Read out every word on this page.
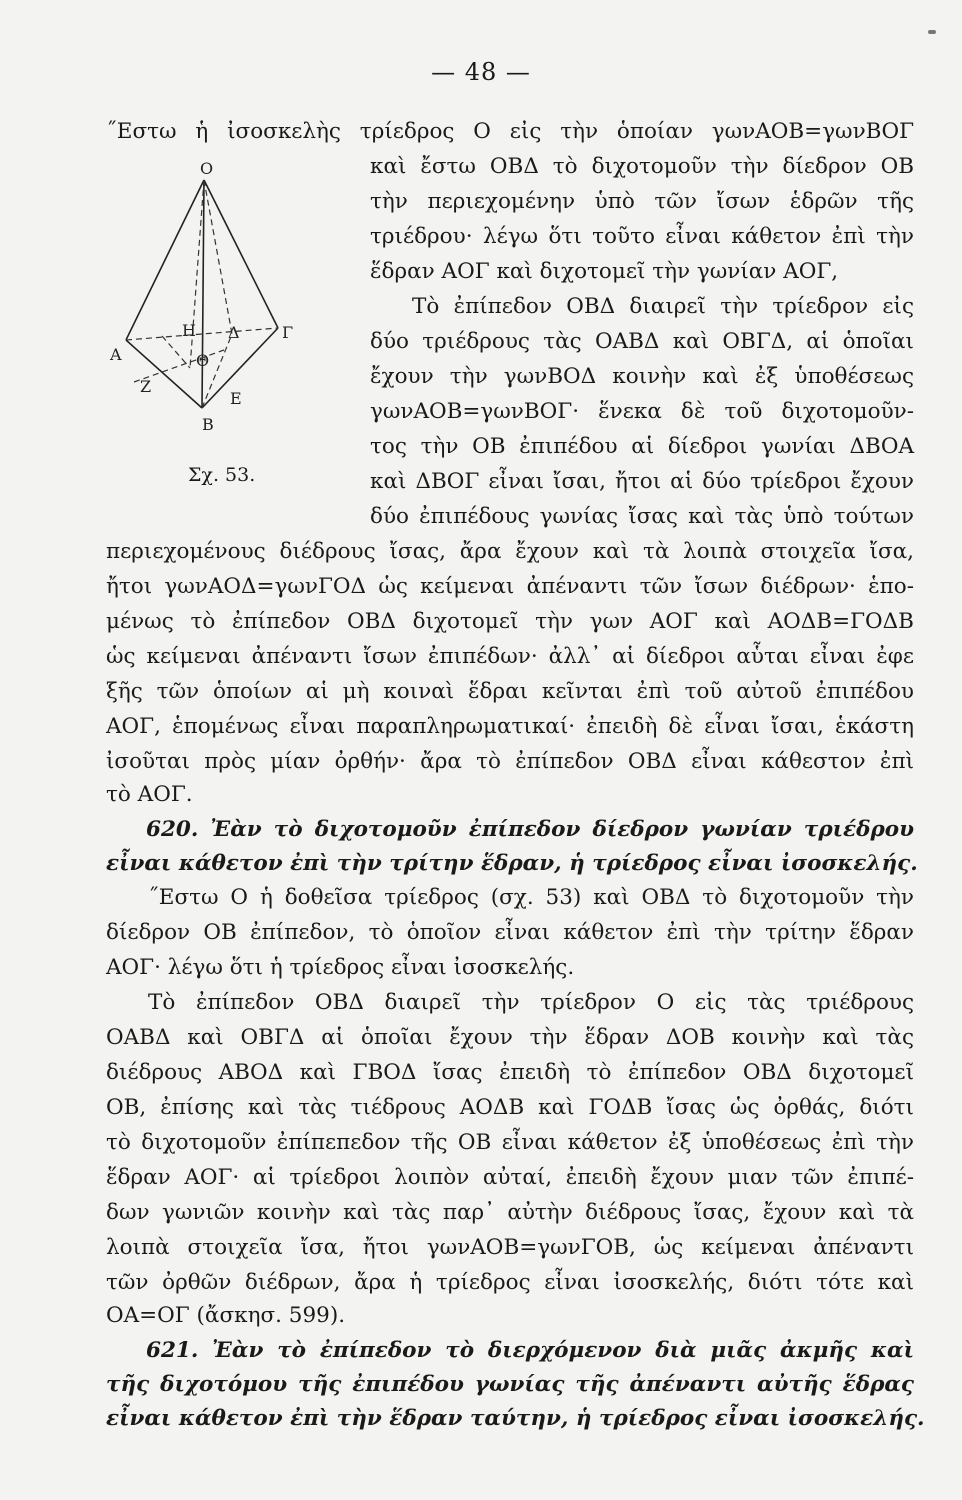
— 48 —
O
Α
Γ
Η Δ
Θ
Ζ
Ε
Β
Σχ. 53.
˝Εστω ἡ ἰσοσκελὴς τρίεδρος O εἰς τὴν ὁποίαν γωνΑΟΒ=γωνΒΟΓ
καὶ ἔστω ΟΒΔ τὸ διχοτομοῦν τὴν δίεδρον ΟΒ
τὴν περιεχομένην ὑπὸ τῶν ἴσων ἑδρῶν τῆς
τριέδρου· λέγω ὅτι τοῦτο εἶναι κάθετον ἐπὶ τὴν
ἕδραν ΑΟΓ καὶ διχοτομεῖ τὴν γωνίαν ΑΟΓ,
Τὸ ἐπίπεδον ΟΒΔ διαιρεῖ τὴν τρίεδρον εἰς
δύο τριέδρους τὰς ΟΑΒΔ καὶ ΟΒΓΔ, αἱ ὁποῖαι
ἔχουν τὴν γωνΒΟΔ κοινὴν καὶ ἐξ ὑποθέσεως
γωνΑΟΒ=γωνΒΟΓ· ἕνεκα δὲ τοῦ διχοτομοῦν-
τος τὴν ΟΒ ἐπιπέδου αἱ δίεδροι γωνίαι ΔΒΟΑ
καὶ ΔΒΟΓ εἶναι ἴσαι, ἤτοι αἱ δύο τρίεδροι ἔχουν
δύο ἐπιπέδους γωνίας ἴσας καὶ τὰς ὑπὸ τούτων
περιεχομένους διέδρους ἴσας, ἄρα ἔχουν καὶ τὰ λοιπὰ στοιχεῖα ἴσα,
ἤτοι γωνΑΟΔ=γωνΓΟΔ ὡς κείμεναι ἀπέναντι τῶν ἴσων διέδρων· ἑπο-
μένως τὸ ἐπίπεδον ΟΒΔ διχοτομεῖ τὴν γων ΑΟΓ καὶ ΑΟΔΒ=ΓΟΔΒ
ὡς κείμεναι ἀπέναντι ἴσων ἐπιπέδων· ἀλλ᾽ αἱ δίεδροι αὗται εἶναι ἐφε
ξῆς τῶν ὁποίων αἱ μὴ κοιναὶ ἕδραι κεῖνται ἐπὶ τοῦ αὐτοῦ ἐπιπέδου
ΑΟΓ, ἑπομένως εἶναι παραπληρωματικαί· ἐπειδὴ δὲ εἶναι ἴσαι, ἑκάστη
ἰσοῦται πρὸς μίαν ὀρθήν· ἄρα τὸ ἐπίπεδον ΟΒΔ εἶναι κάθεστον ἐπὶ
τὸ ΑΟΓ.
620. Ἐὰν τὸ διχοτομοῦν ἐπίπεδον δίεδρον γωνίαν τριέδρου
εἶναι κάθετον ἐπὶ τὴν τρίτην ἕδραν, ἡ τρίεδρος εἶναι ἰσοσκελής.
˝Εστω O ἡ δοθεῖσα τρίεδρος (σχ. 53) καὶ ΟΒΔ τὸ διχοτομοῦν τὴν
δίεδρον ΟΒ ἐπίπεδον, τὸ ὁποῖον εἶναι κάθετον ἐπὶ τὴν τρίτην ἕδραν
ΑΟΓ· λέγω ὅτι ἡ τρίεδρος εἶναι ἰσοσκελής.
Τὸ ἐπίπεδον ΟΒΔ διαιρεῖ τὴν τρίεδρον O εἰς τὰς τριέδρους
ΟΑΒΔ καὶ ΟΒΓΔ αἱ ὁποῖαι ἔχουν τὴν ἕδραν ΔΟΒ κοινὴν καὶ τὰς
διέδρους ΑΒΟΔ καὶ ΓΒΟΔ ἴσας ἐπειδὴ τὸ ἐπίπεδον ΟΒΔ διχοτομεῖ
ΟΒ, ἐπίσης καὶ τὰς τιέδρους ΑΟΔΒ καὶ ΓΟΔΒ ἴσας ὡς ὀρθάς, διότι
τὸ διχοτομοῦν ἐπίπεπεδον τῆς ΟΒ εἶναι κάθετον ἐξ ὑποθέσεως ἐπὶ τὴν
ἕδραν ΑΟΓ· αἱ τρίεδροι λοιπὸν αὐταί, ἐπειδὴ ἔχουν μιαν τῶν ἐπιπέ-
δων γωνιῶν κοινὴν καὶ τὰς παρ᾽ αὐτὴν διέδρους ἴσας, ἔχουν καὶ τὰ
λοιπὰ στοιχεῖα ἴσα, ἤτοι γωνΑΟΒ=γωνΓΟΒ, ὡς κείμεναι ἀπέναντι
τῶν ὀρθῶν διέδρων, ἄρα ἡ τρίεδρος εἶναι ἰσοσκελής, διότι τότε καὶ
ΟΑ=ΟΓ (ἄσκησ. 599).
621. Ἐὰν τὸ ἐπίπεδον τὸ διερχόμενον διὰ μιᾶς ἀκμῆς καὶ
τῆς διχοτόμου τῆς ἐπιπέδου γωνίας τῆς ἀπέναντι αὐτῆς ἕδρας
εἶναι κάθετον ἐπὶ τὴν ἕδραν ταύτην, ἡ τρίεδρος εἶναι ἰσοσκελής.
